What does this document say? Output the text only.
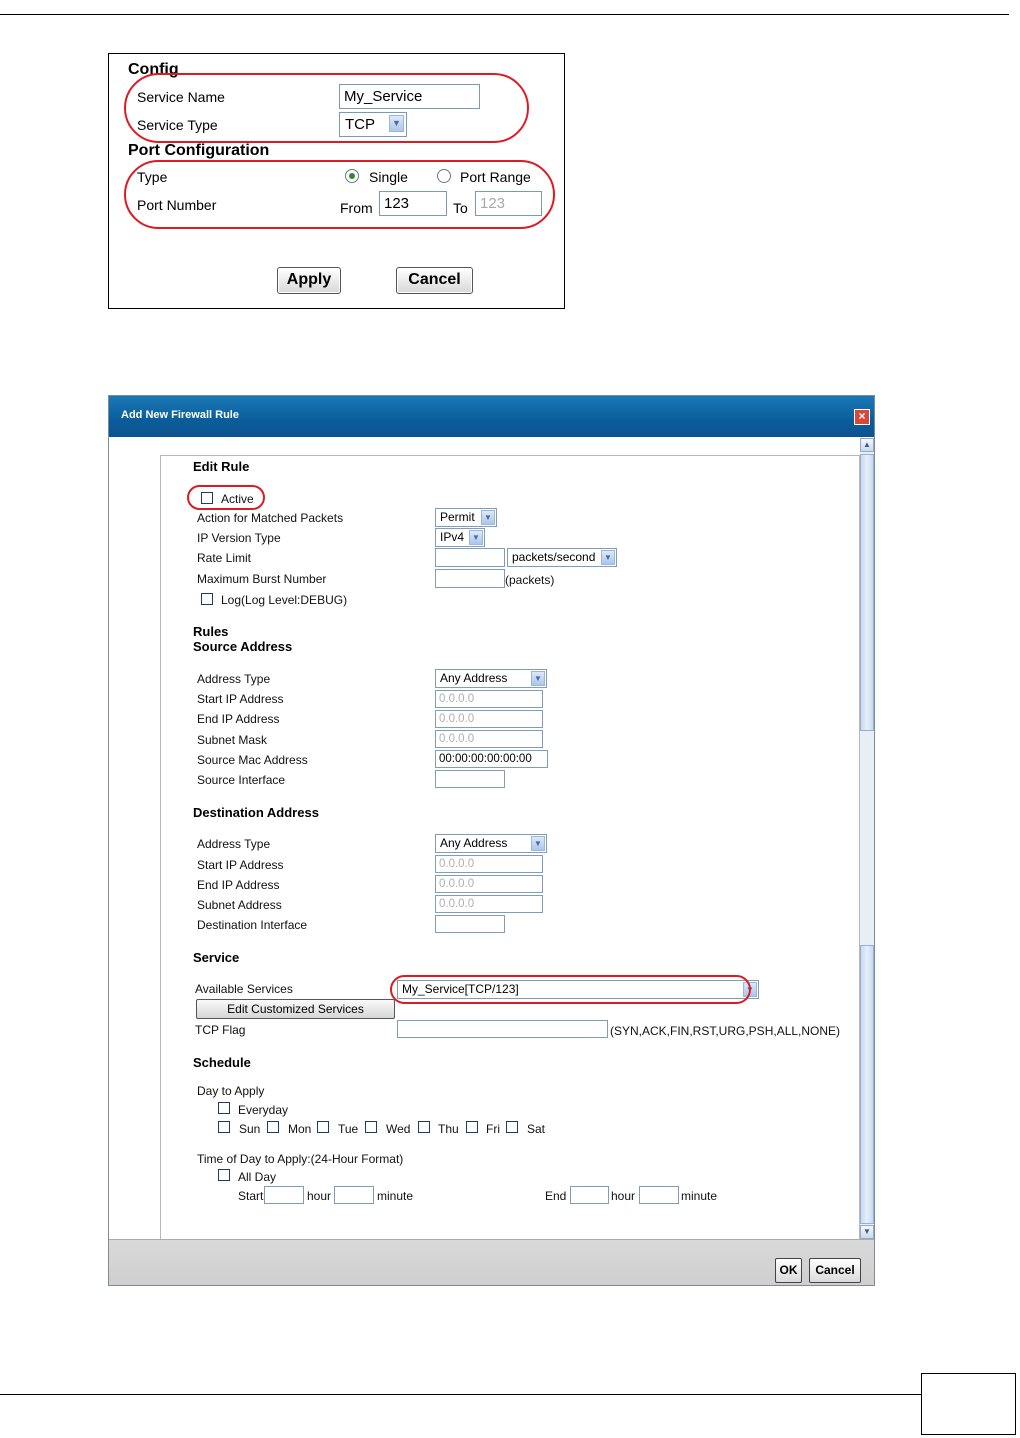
Config
Service Name	My_Service
Service Type	TCP	▼
Port Configuration
Type	Single	Port Range
Port Number	From 123	To 123
Apply	Cancel
Add New Firewall Rule	×
▲
▼
Edit Rule
Active
Action for Matched Packets	Permit	▼
IP Version Type	IPv4	▼
Rate Limit	packets/second	▼
Maximum Burst Number	(packets)
Log(Log Level:DEBUG)
Rules
Source Address
Address Type	Any Address	▼
Start IP Address	0.0.0.0
End IP Address	0.0.0.0
Subnet Mask	0.0.0.0
Source Mac Address	00:00:00:00:00:00
Source Interface
Destination Address
Address Type	Any Address	▼
Start IP Address	0.0.0.0
End IP Address	0.0.0.0
Subnet Address	0.0.0.0
Destination Interface
Service
Available Services	My_Service[TCP/123]	▼
Edit Customized Services
TCP Flag	(SYN,ACK,FIN,RST,URG,PSH,ALL,NONE)
Schedule
Day to Apply
Everyday
Sun Mon Tue Wed Thu Fri Sat
Time of Day to Apply:(24-Hour Format)
All Day
Start	hour	minute	End	hour	minute
OK	Cancel
